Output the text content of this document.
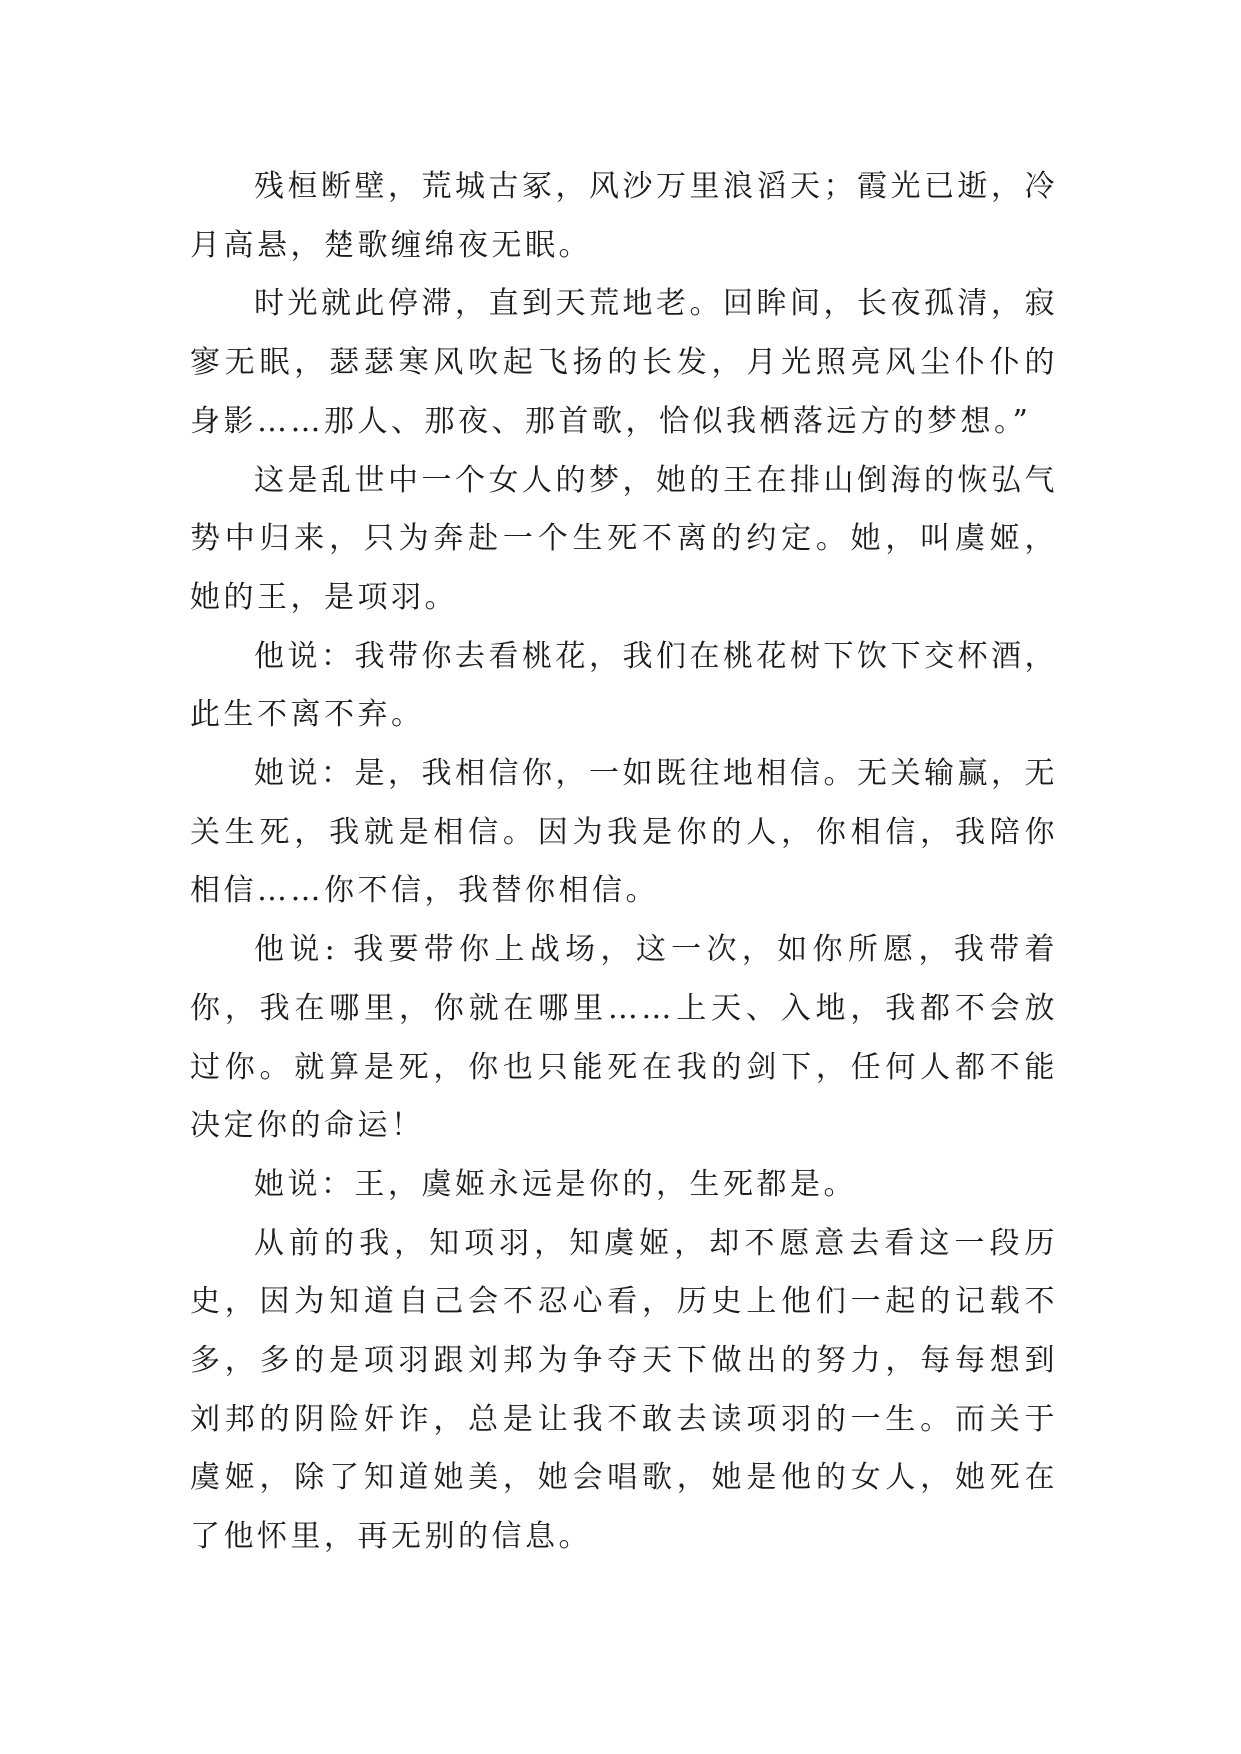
残桓断壁，荒城古冢，风沙万里浪滔天；霞光已逝，冷月高悬，楚歌缠绵夜无眠。

时光就此停滞，直到天荒地老。回眸间，长夜孤清，寂寥无眠，瑟瑟寒风吹起飞扬的长发，月光照亮风尘仆仆的身影……那人、那夜、那首歌，恰似我栖落远方的梦想。”

这是乱世中一个女人的梦，她的王在排山倒海的恢弘气势中归来，只为奔赴一个生死不离的约定。她，叫虞姬，她的王，是项羽。

他说：我带你去看桃花，我们在桃花树下饮下交杯酒，此生不离不弃。

她说：是，我相信你，一如既往地相信。无关输赢，无关生死，我就是相信。因为我是你的人，你相信，我陪你相信……你不信，我替你相信。

他说: 我要带你上战场，这一次，如你所愿，我带着你，我在哪里，你就在哪里……上天、入地，我都不会放过你。就算是死，你也只能死在我的剑下，任何人都不能决定你的命运！

她说：王，虞姬永远是你的，生死都是。

从前的我，知项羽，知虞姬，却不愿意去看这一段历史，因为知道自己会不忍心看，历史上他们一起的记载不多，多的是项羽跟刘邦为争夺天下做出的努力，每每想到刘邦的阴险奸诈，总是让我不敢去读项羽的一生。而关于虞姬，除了知道她美，她会唱歌，她是他的女人，她死在了他怀里，再无别的信息。
